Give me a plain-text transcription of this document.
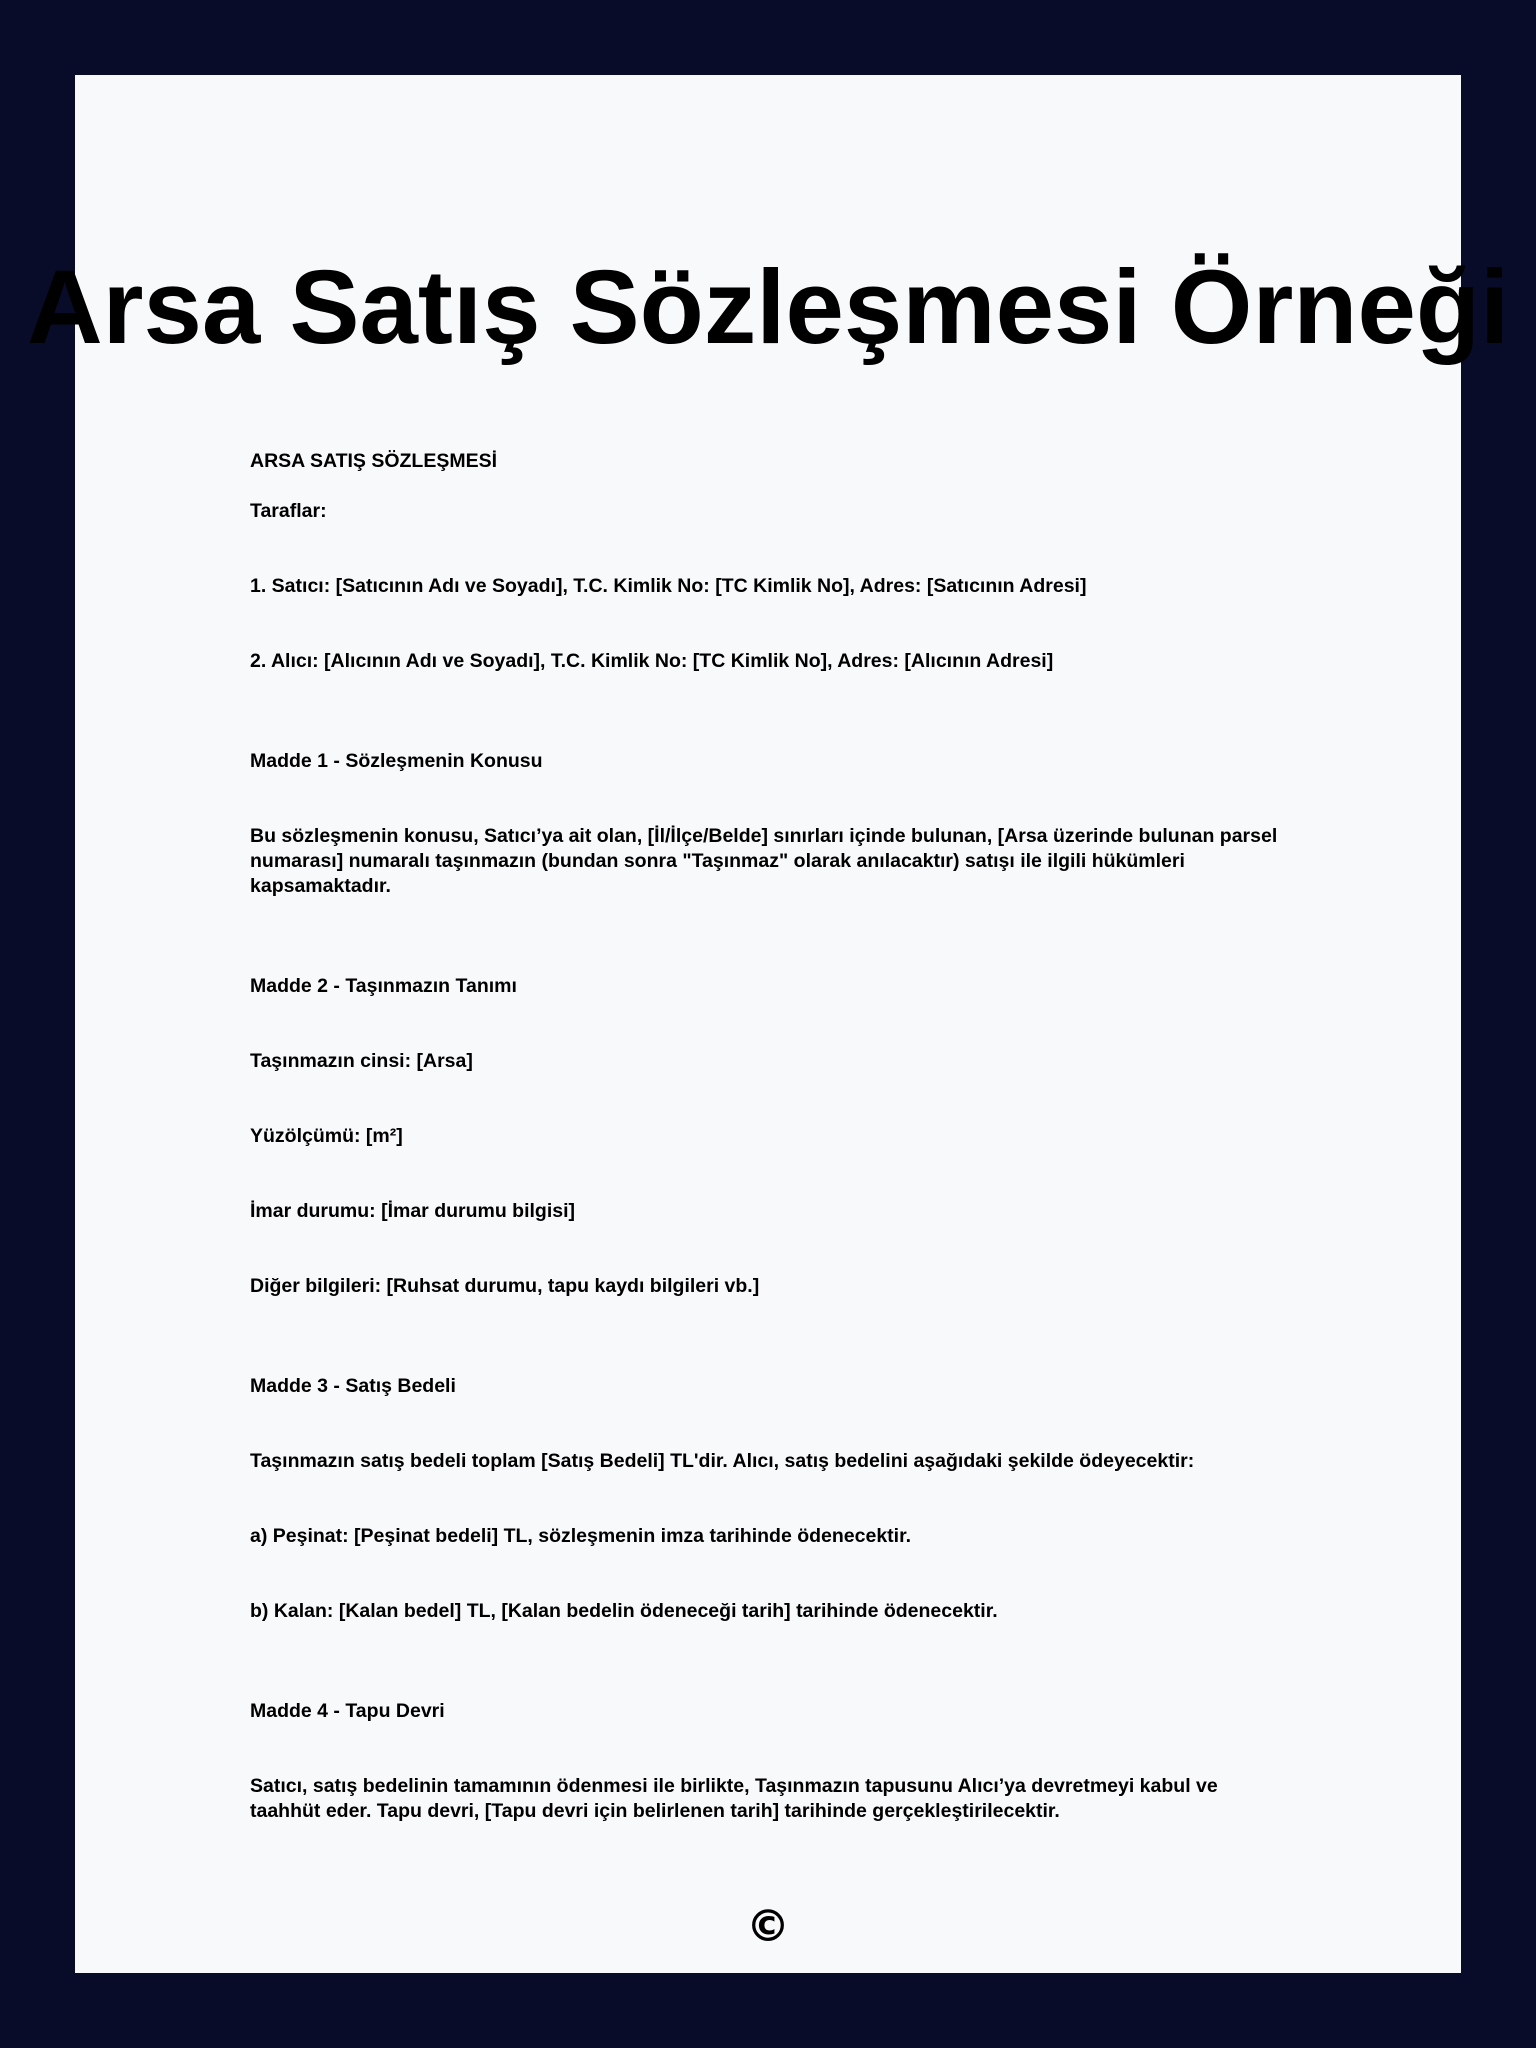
Arsa Satış Sözleşmesi Örneği

ARSA SATIŞ SÖZLEŞMESİ

Taraflar:

1. Satıcı: [Satıcının Adı ve Soyadı], T.C. Kimlik No: [TC Kimlik No], Adres: [Satıcının Adresi]

2. Alıcı: [Alıcının Adı ve Soyadı], T.C. Kimlik No: [TC Kimlik No], Adres: [Alıcının Adresi]

Madde 1 - Sözleşmenin Konusu

Bu sözleşmenin konusu, Satıcı’ya ait olan, [İl/İlçe/Belde] sınırları içinde bulunan, [Arsa üzerinde bulunan parsel numarası] numaralı taşınmazın (bundan sonra "Taşınmaz" olarak anılacaktır) satışı ile ilgili hükümleri kapsamaktadır.

Madde 2 - Taşınmazın Tanımı

Taşınmazın cinsi: [Arsa]

Yüzölçümü: [m²]

İmar durumu: [İmar durumu bilgisi]

Diğer bilgileri: [Ruhsat durumu, tapu kaydı bilgileri vb.]

Madde 3 - Satış Bedeli

Taşınmazın satış bedeli toplam [Satış Bedeli] TL'dir. Alıcı, satış bedelini aşağıdaki şekilde ödeyecektir:

a) Peşinat: [Peşinat bedeli] TL, sözleşmenin imza tarihinde ödenecektir.

b) Kalan: [Kalan bedel] TL, [Kalan bedelin ödeneceği tarih] tarihinde ödenecektir.

Madde 4 - Tapu Devri

Satıcı, satış bedelinin tamamının ödenmesi ile birlikte, Taşınmazın tapusunu Alıcı’ya devretmeyi kabul ve taahhüt eder. Tapu devri, [Tapu devri için belirlenen tarih] tarihinde gerçekleştirilecektir.

©
